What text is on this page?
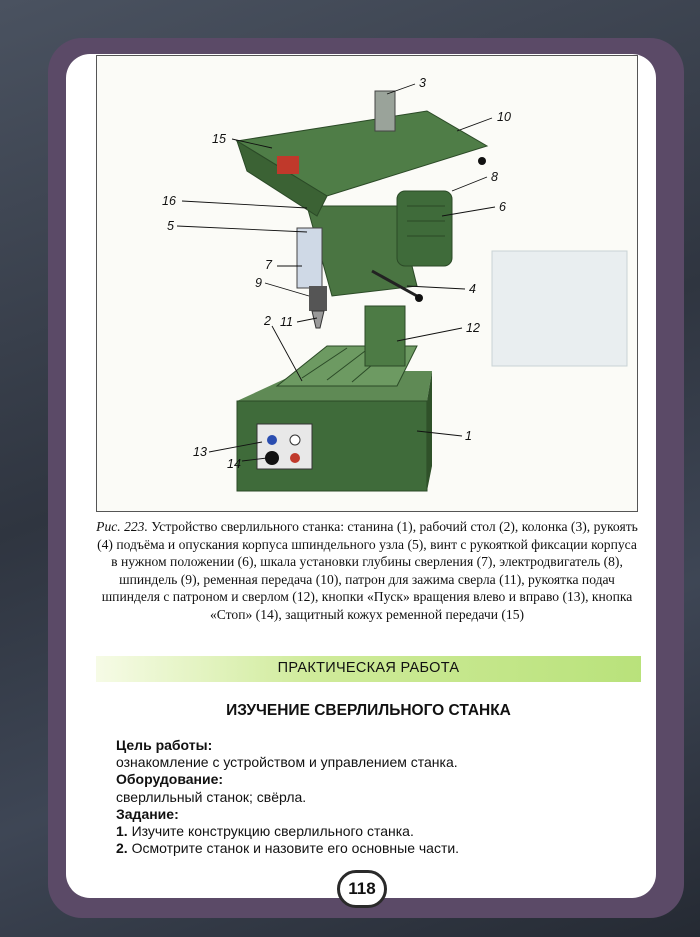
3
10
15
8
16	6
5
7
9	4
11	12
2
1
13
14
Рис. 223. Устройство сверлильного станка: станина (1), рабочий стол (2), колонка (3), рукоять (4) подъёма и опускания корпуса шпиндельного узла (5), винт с рукояткой фиксации корпуса в нужном положении (6), шкала установки глубины сверления (7), электродвигатель (8), шпиндель (9), ременная передача (10), патрон для зажима сверла (11), рукоятка подач шпинделя с патроном и сверлом (12), кнопки «Пуск» вращения влево и вправо (13), кнопка «Стоп» (14), защитный кожух ременной передачи (15)
ПРАКТИЧЕСКАЯ РАБОТА
ИЗУЧЕНИЕ СВЕРЛИЛЬНОГО СТАНКА
Цель работы:
ознакомление с устройством и управлением станка.
Оборудование:
сверлильный станок; свёрла.
Задание:
1. Изучите конструкцию сверлильного станка.
2. Осмотрите станок и назовите его основные части.
118
